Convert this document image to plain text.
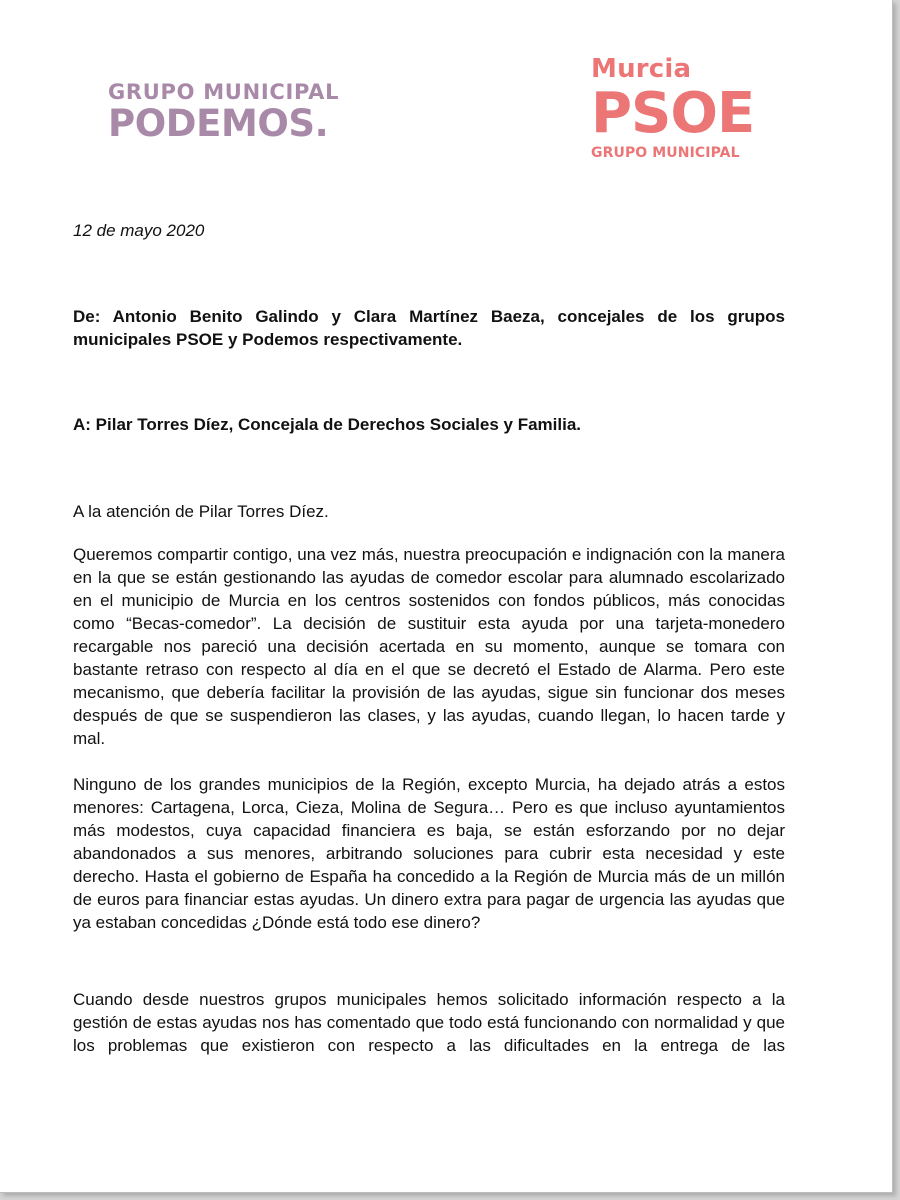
GRUPO MUNICIPAL
PODEMOS.
Murcia
PSOE
GRUPO MUNICIPAL
12 de mayo 2020
De: Antonio Benito Galindo y Clara Martínez Baeza, concejales de los grupos municipales PSOE y Podemos respectivamente.
A: Pilar Torres Díez, Concejala de Derechos Sociales y Familia.
A la atención de Pilar Torres Díez.
Queremos compartir contigo, una vez más, nuestra preocupación e indignación con la manera en la que se están gestionando las ayudas de comedor escolar para alumnado escolarizado en el municipio de Murcia en los centros sostenidos con fondos públicos, más conocidas como “Becas-comedor”. La decisión de sustituir esta ayuda por una tarjeta-monedero recargable nos pareció una decisión acertada en su momento, aunque se tomara con bastante retraso con respecto al día en el que se decretó el Estado de Alarma. Pero este mecanismo, que debería facilitar la provisión de las ayudas, sigue sin funcionar dos meses después de que se suspendieron las clases, y las ayudas, cuando llegan, lo hacen tarde y mal.
Ninguno de los grandes municipios de la Región, excepto Murcia, ha dejado atrás a estos menores: Cartagena, Lorca, Cieza, Molina de Segura… Pero es que incluso ayuntamientos más modestos, cuya capacidad financiera es baja, se están esforzando por no dejar abandonados a sus menores, arbitrando soluciones para cubrir esta necesidad y este derecho. Hasta el gobierno de España ha concedido a la Región de Murcia más de un millón de euros para financiar estas ayudas. Un dinero extra para pagar de urgencia las ayudas que ya estaban concedidas ¿Dónde está todo ese dinero?
Cuando desde nuestros grupos municipales hemos solicitado información respecto a la gestión de estas ayudas nos has comentado que todo está funcionando con normalidad y que los problemas que existieron con respecto a las dificultades en la entrega de las
